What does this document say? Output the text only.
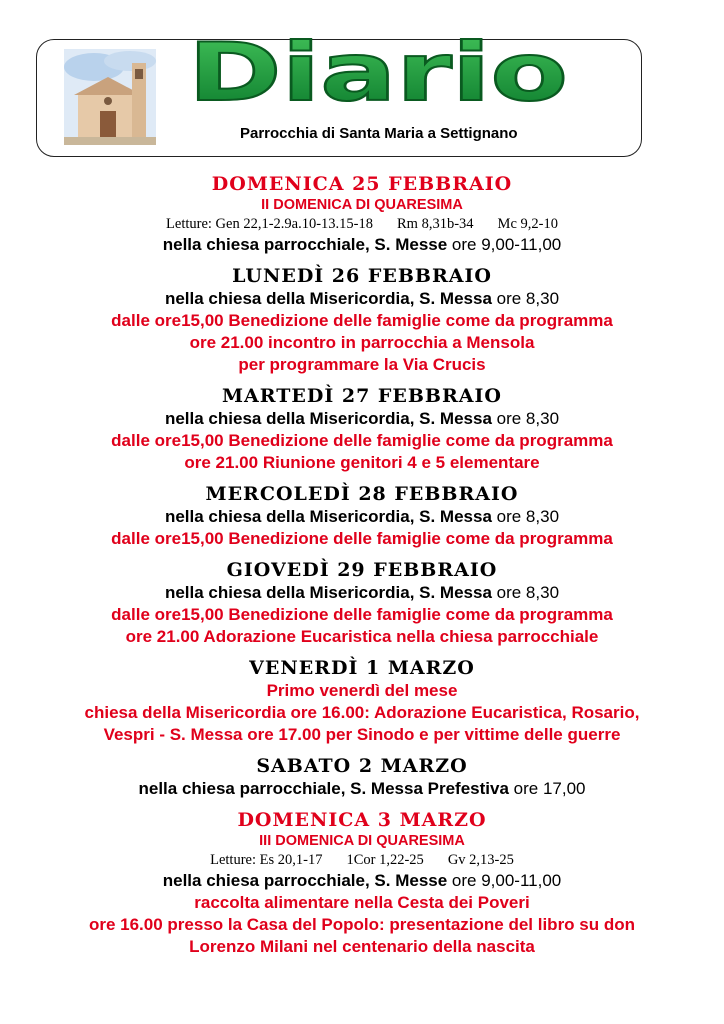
Diario
Parrocchia di Santa Maria a Settignano
DOMENICA 25 FEBBRAIO
II DOMENICA DI QUARESIMA
Letture: Gen 22,1-2.9a.10-13.15-18 Rm 8,31b-34 Mc 9,2-10
nella chiesa parrocchiale, S. Messe ore 9,00-11,00
LUNEDÌ 26 FEBBRAIO
nella chiesa della Misericordia, S. Messa ore 8,30
dalle ore15,00 Benedizione delle famiglie come da programma
ore 21.00 incontro in parrocchia a Mensola
per programmare la Via Crucis
MARTEDÌ 27 FEBBRAIO
nella chiesa della Misericordia, S. Messa ore 8,30
dalle ore15,00 Benedizione delle famiglie come da programma
ore 21.00 Riunione genitori 4 e 5 elementare
MERCOLEDÌ 28 FEBBRAIO
nella chiesa della Misericordia, S. Messa ore 8,30
dalle ore15,00 Benedizione delle famiglie come da programma
GIOVEDÌ 29 FEBBRAIO
nella chiesa della Misericordia, S. Messa ore 8,30
dalle ore15,00 Benedizione delle famiglie come da programma
ore 21.00 Adorazione Eucaristica nella chiesa parrocchiale
VENERDÌ 1 MARZO
Primo venerdì del mese
chiesa della Misericordia ore 16.00: Adorazione Eucaristica, Rosario,
Vespri - S. Messa ore 17.00 per Sinodo e per vittime delle guerre
SABATO 2 MARZO
nella chiesa parrocchiale, S. Messa Prefestiva ore 17,00
DOMENICA 3 MARZO
III DOMENICA DI QUARESIMA
Letture: Es 20,1-17 1Cor 1,22-25 Gv 2,13-25
nella chiesa parrocchiale, S. Messe ore 9,00-11,00
raccolta alimentare nella Cesta dei Poveri
ore 16.00 presso la Casa del Popolo: presentazione del libro su don
Lorenzo Milani nel centenario della nascita
